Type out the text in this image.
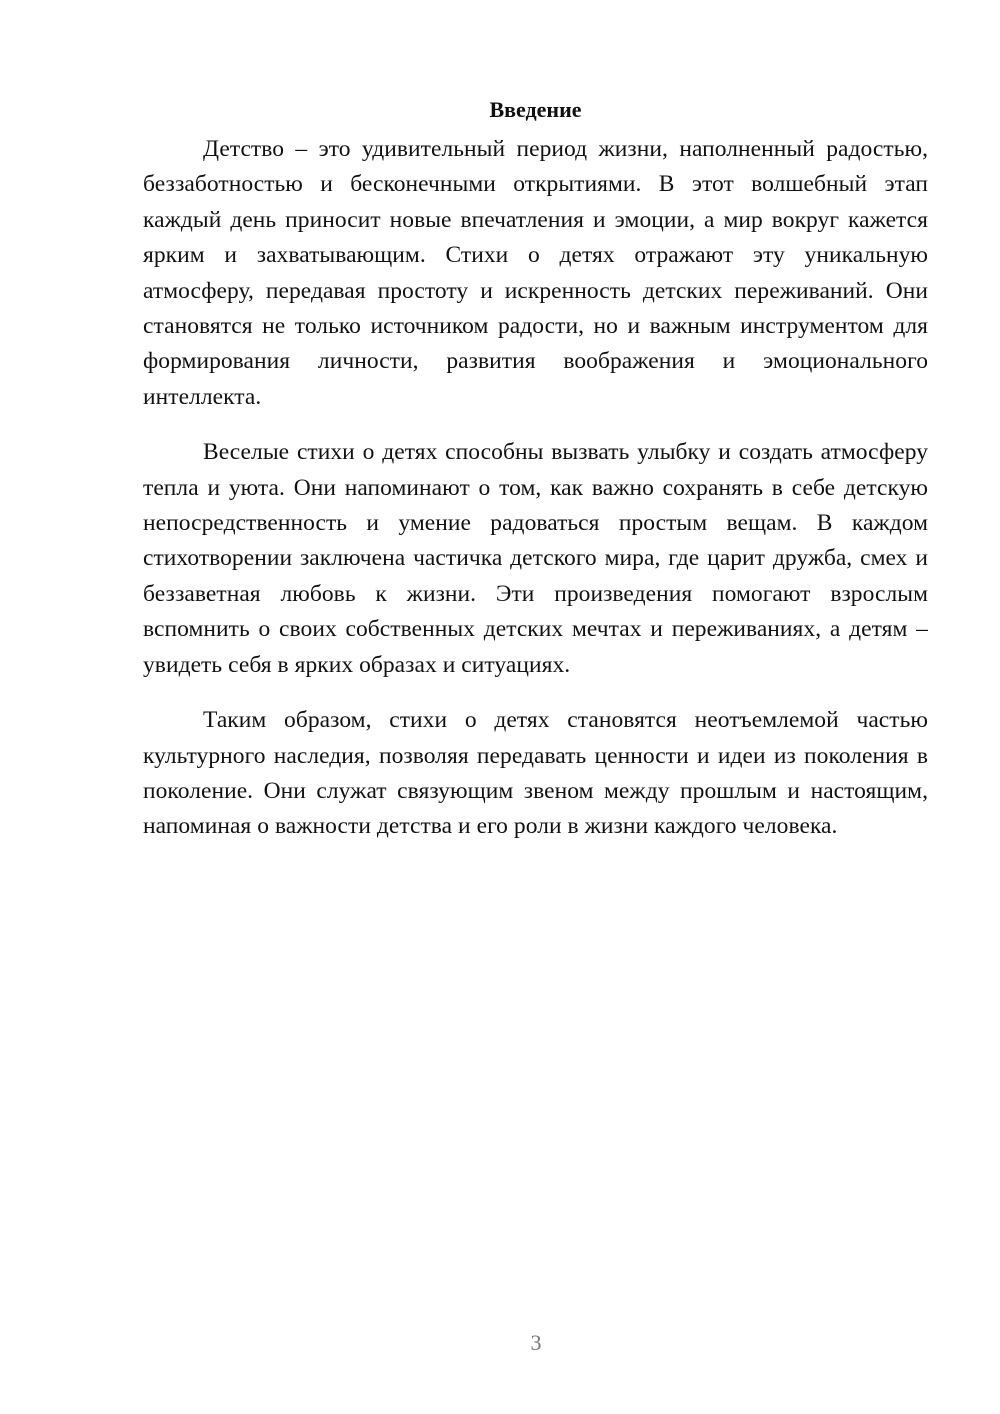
Введение

Детство – это удивительный период жизни, наполненный радостью, беззаботностью и бесконечными открытиями. В этот волшебный этап каждый день приносит новые впечатления и эмоции, а мир вокруг кажется ярким и захватывающим. Стихи о детях отражают эту уникальную атмосферу, передавая простоту и искренность детских переживаний. Они становятся не только источником радости, но и важным инструментом для формирования личности, развития воображения и эмоционального интеллекта.

Веселые стихи о детях способны вызвать улыбку и создать атмосферу тепла и уюта. Они напоминают о том, как важно сохранять в себе детскую непосредственность и умение радоваться простым вещам. В каждом стихотворении заключена частичка детского мира, где царит дружба, смех и беззаветная любовь к жизни. Эти произведения помогают взрослым вспомнить о своих собственных детских мечтах и переживаниях, а детям – увидеть себя в ярких образах и ситуациях.

Таким образом, стихи о детях становятся неотъемлемой частью культурного наследия, позволяя передавать ценности и идеи из поколения в поколение. Они служат связующим звеном между прошлым и настоящим, напоминая о важности детства и его роли в жизни каждого человека.

3
